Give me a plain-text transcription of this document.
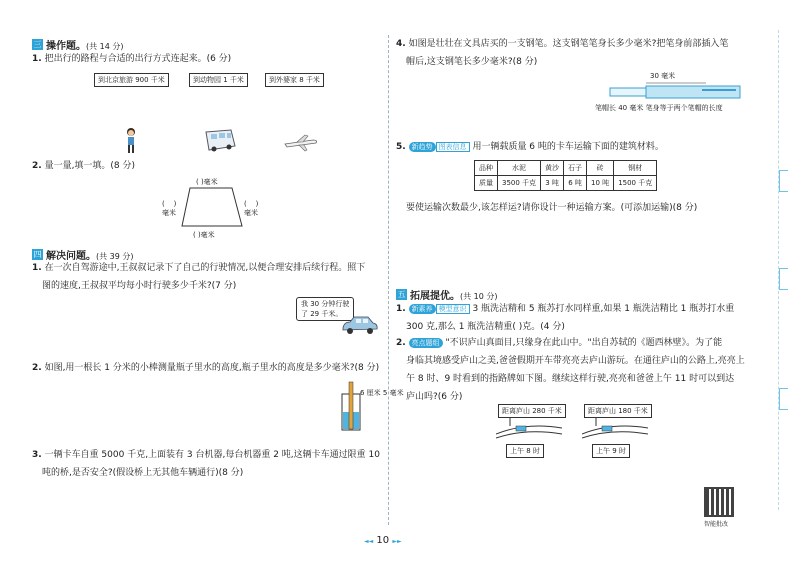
三 操作题。(共 14 分)
1. 把出行的路程与合适的出行方式连起来。(6 分)
到北京旅游 900 千米	到动物园 1 千米	到外婆家 8 千米
2. 量一量,填一填。(8 分)
( )毫米
(    )
毫米
(    )
毫米
( )毫米
四 解决问题。(共 39 分)
1. 在一次自驾游途中,王叔叔记录下了自己的行驶情况,以便合理安排后续行程。照下
图的速度,王叔叔平均每小时行驶多少千米?(7 分)
我 30 分钟行驶
了 29 千米。
2. 如图,用一根长 1 分米的小棒测量瓶子里水的高度,瓶子里水的高度是多少毫米?(8 分)
6 厘米 5 毫米
3. 一辆卡车自重 5000 千克,上面装有 3 台机器,每台机器重 2 吨,这辆卡车通过限重 10
吨的桥,是否安全?(假设桥上无其他车辆通行)(8 分)
4. 如图是壮壮在文具店买的一支钢笔。这支钢笔笔身长多少毫米?把笔身前部插入笔
帽后,这支钢笔长多少毫米?(8 分)
30 毫米
笔帽长 40 毫米 笔身等于两个笔帽的长度
5. 新趋势 图表信息 用一辆载质量 6 吨的卡车运输下面的建筑材料。
品种	水泥	黄沙	石子	砖	钢材
质量	3500 千克	3 吨	6 吨	10 吨	1500 千克
要使运输次数最少,该怎样运?请你设计一种运输方案。(可添加运输)(8 分)
五 拓展提优。(共 10 分)
1. 新素养 模型意识 3 瓶洗洁精和 5 瓶苏打水同样重,如果 1 瓶洗洁精比 1 瓶苏打水重
300 克,那么 1 瓶洗洁精重( )克。(4 分)
2. 亮点题组 "不识庐山真面目,只缘身在此山中。"出自苏轼的《题西林壁》。为了能
身临其境感受庐山之美,爸爸假期开车带亮亮去庐山游玩。在通往庐山的公路上,亮亮上
午 8 时、9 时看到的指路牌如下图。继续这样行驶,亮亮和爸爸上午 11 时可以到达
庐山吗?(6 分)
距离庐山 280 千米
上午 8 时
距离庐山 180 千米
上午 9 时
智能批改
◄◄ 10 ►►
